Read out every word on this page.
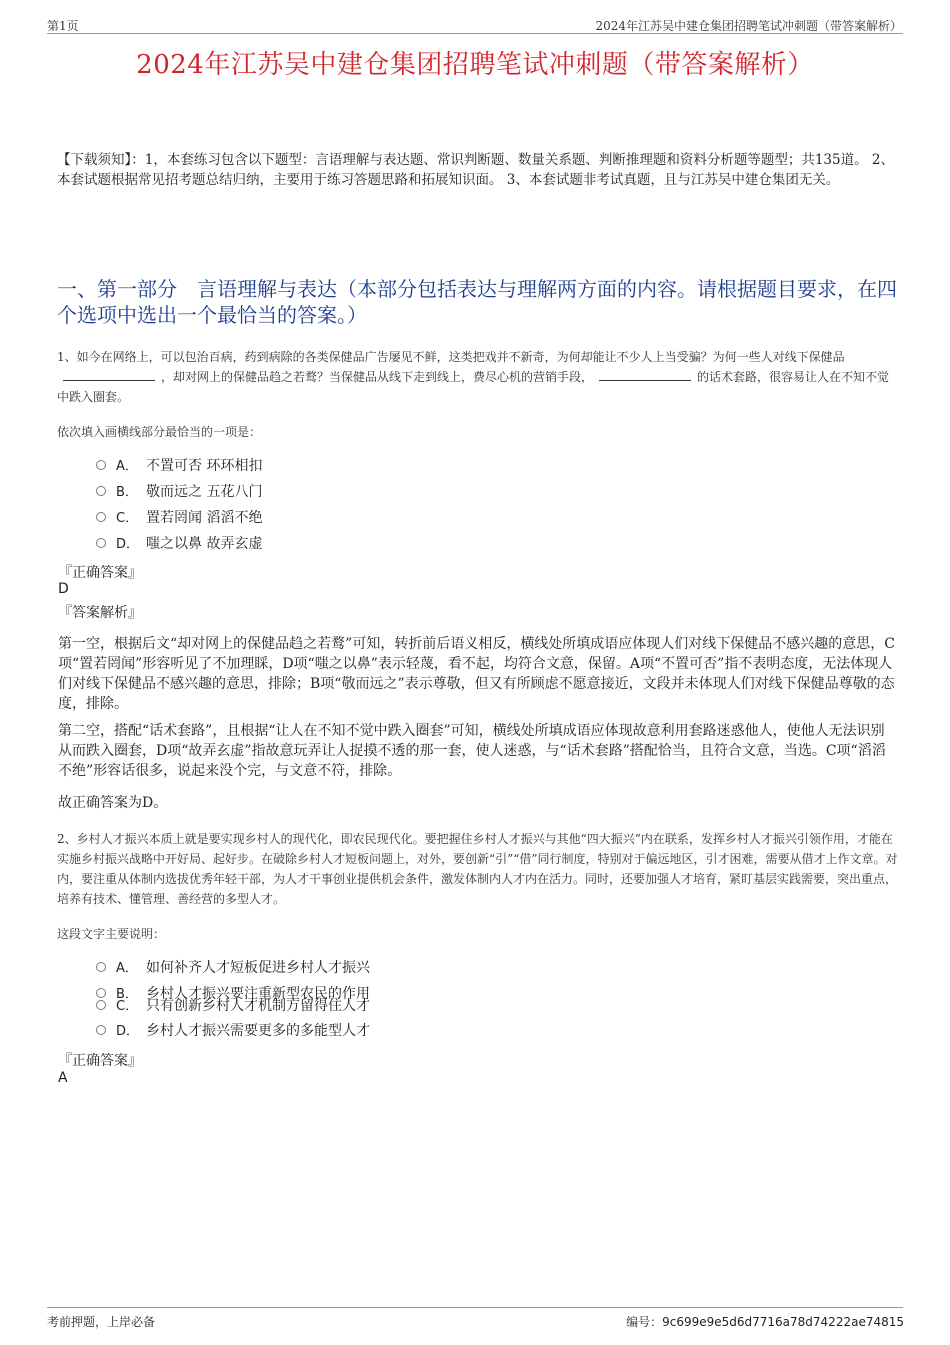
第1页	2024年江苏吴中建仓集团招聘笔试冲刺题（带答案解析）
2024年江苏吴中建仓集团招聘笔试冲刺题（带答案解析）
【下载须知】：1，本套练习包含以下题型：言语理解与表达题、常识判断题、数量关系题、判断推理题和资料分析题等题型；共135道。 2、本套试题根据常见招考题总结归纳，主要用于练习答题思路和拓展知识面。 3、本套试题非考试真题，且与江苏吴中建仓集团无关。
一、第一部分　言语理解与表达（本部分包括表达与理解两方面的内容。请根据题目要求，在四个选项中选出一个最恰当的答案。）
1、如今在网络上，可以包治百病，药到病除的各类保健品广告屡见不鲜，这类把戏并不新奇，为何却能让不少人上当受骗？为何一些人对线下保健品，却对网上的保健品趋之若鹜？当保健品从线下走到线上，费尽心机的营销手段，	的话术套路，很容易让人在不知不觉中跌入圈套。
依次填入画横线部分最恰当的一项是：
A． 不置可否 环环相扣
B． 敬而远之 五花八门
C． 置若罔闻 滔滔不绝
D． 嗤之以鼻 故弄玄虚
『正确答案』
D
『答案解析』
第一空，根据后文“却对网上的保健品趋之若鹜”可知，转折前后语义相反，横线处所填成语应体现人们对线下保健品不感兴趣的意思，C项“置若罔闻”形容听见了不加理睬，D项“嗤之以鼻”表示轻蔑，看不起，均符合文意，保留。A项“不置可否”指不表明态度，无法体现人们对线下保健品不感兴趣的意思，排除；B项“敬而远之”表示尊敬，但又有所顾虑不愿意接近，文段并未体现人们对线下保健品尊敬的态度，排除。
第二空，搭配“话术套路”，且根据“让人在不知不觉中跌入圈套”可知，横线处所填成语应体现故意利用套路迷惑他人，使他人无法识别从而跌入圈套，D项“故弄玄虚”指故意玩弄让人捉摸不透的那一套，使人迷惑，与“话术套路”搭配恰当，且符合文意，当选。C项“滔滔不绝”形容话很多，说起来没个完，与文意不符，排除。
故正确答案为D。
2、乡村人才振兴本质上就是要实现乡村人的现代化，即农民现代化。要把握住乡村人才振兴与其他“四大振兴”内在联系，发挥乡村人才振兴引领作用，才能在实施乡村振兴战略中开好局、起好步。在破除乡村人才短板问题上，对外，要创新“引”“借”同行制度，特别对于偏远地区，引才困难，需要从借才上作文章。对内，要注重从体制内选拔优秀年轻干部，为人才干事创业提供机会条件，激发体制内人才内在活力。同时，还要加强人才培育，紧盯基层实践需要，突出重点，培养有技术、懂管理、善经营的多型人才。
这段文字主要说明：
A． 如何补齐人才短板促进乡村人才振兴
B． 乡村人才振兴要注重新型农民的作用
C． 只有创新乡村人才机制方留得住人才
D． 乡村人才振兴需要更多的多能型人才
『正确答案』
A
考前押题，上岸必备	编号：9c699e9e5d6d7716a78d74222ae74815
